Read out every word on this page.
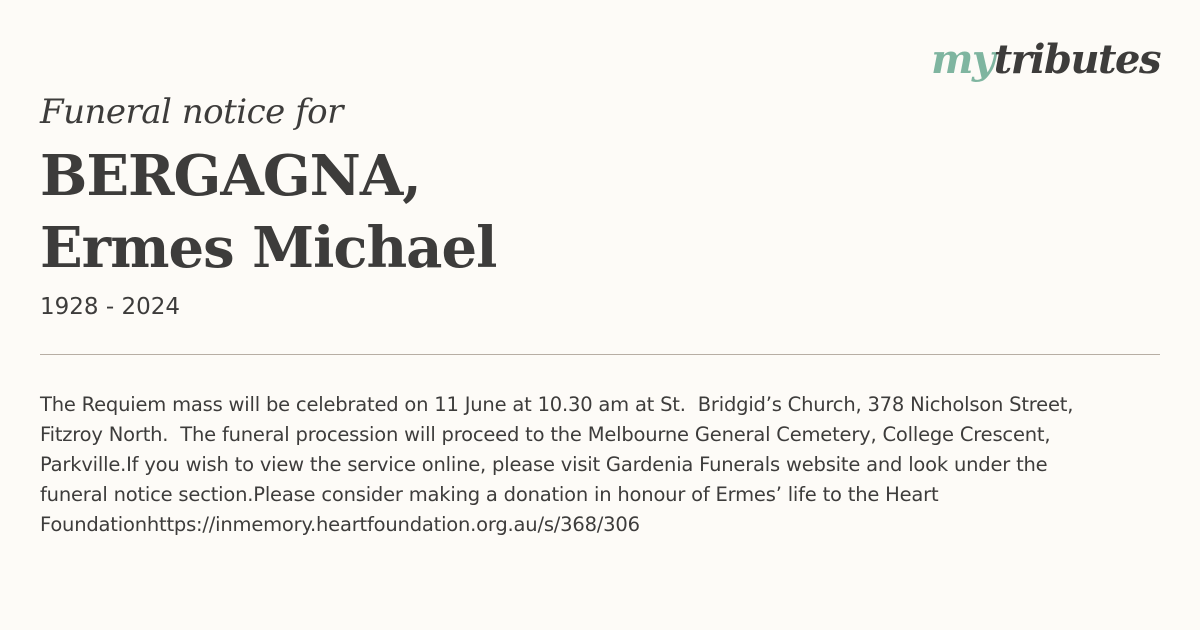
mytributes
Funeral notice for
BERGAGNA,
Ermes Michael

1928 - 2024

The Requiem mass will be celebrated on 11 June at 10.30 am at St.  Bridgid’s Church, 378 Nicholson Street,
Fitzroy North.  The funeral procession will proceed to the Melbourne General Cemetery, College Crescent,
Parkville.If you wish to view the service online, please visit Gardenia Funerals website and look under the
funeral notice section.Please consider making a donation in honour of Ermes’ life to the Heart
Foundationhttps://inmemory.heartfoundation.org.au/s/368/306
